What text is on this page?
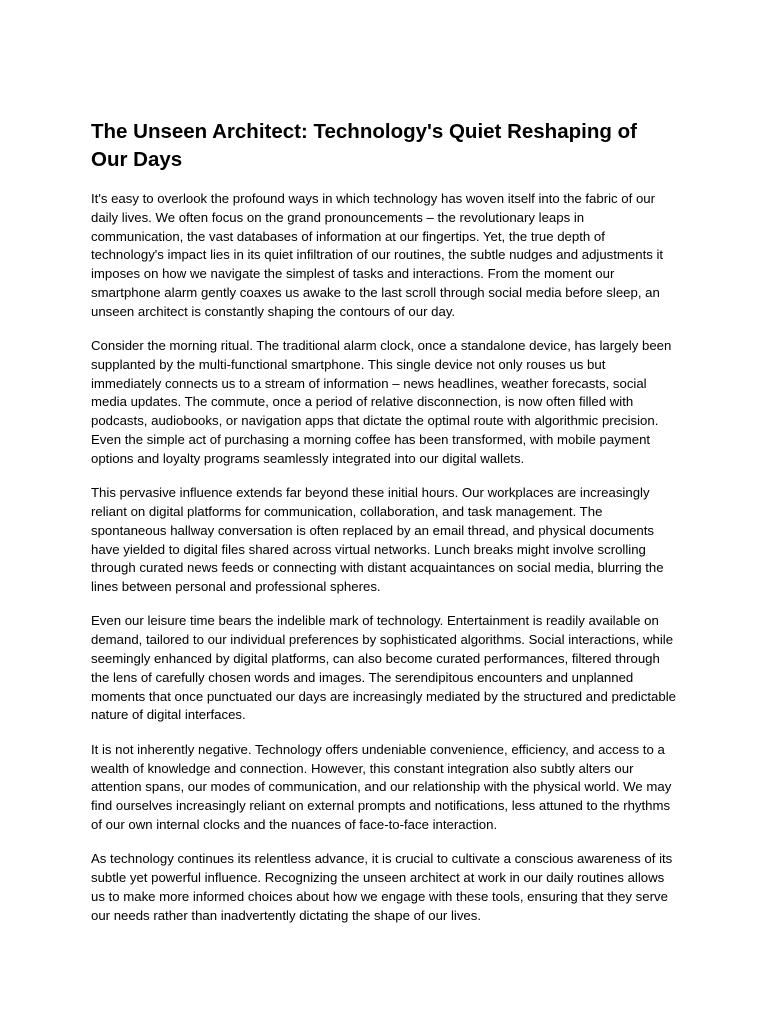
The Unseen Architect: Technology's Quiet Reshaping of Our Days

It's easy to overlook the profound ways in which technology has woven itself into the fabric of our daily lives. We often focus on the grand pronouncements – the revolutionary leaps in communication, the vast databases of information at our fingertips. Yet, the true depth of technology's impact lies in its quiet infiltration of our routines, the subtle nudges and adjustments it imposes on how we navigate the simplest of tasks and interactions. From the moment our smartphone alarm gently coaxes us awake to the last scroll through social media before sleep, an unseen architect is constantly shaping the contours of our day.

Consider the morning ritual. The traditional alarm clock, once a standalone device, has largely been supplanted by the multi-functional smartphone. This single device not only rouses us but immediately connects us to a stream of information – news headlines, weather forecasts, social media updates. The commute, once a period of relative disconnection, is now often filled with podcasts, audiobooks, or navigation apps that dictate the optimal route with algorithmic precision. Even the simple act of purchasing a morning coffee has been transformed, with mobile payment options and loyalty programs seamlessly integrated into our digital wallets.

This pervasive influence extends far beyond these initial hours. Our workplaces are increasingly reliant on digital platforms for communication, collaboration, and task management. The spontaneous hallway conversation is often replaced by an email thread, and physical documents have yielded to digital files shared across virtual networks. Lunch breaks might involve scrolling through curated news feeds or connecting with distant acquaintances on social media, blurring the lines between personal and professional spheres.

Even our leisure time bears the indelible mark of technology. Entertainment is readily available on demand, tailored to our individual preferences by sophisticated algorithms. Social interactions, while seemingly enhanced by digital platforms, can also become curated performances, filtered through the lens of carefully chosen words and images. The serendipitous encounters and unplanned moments that once punctuated our days are increasingly mediated by the structured and predictable nature of digital interfaces.

It is not inherently negative. Technology offers undeniable convenience, efficiency, and access to a wealth of knowledge and connection. However, this constant integration also subtly alters our attention spans, our modes of communication, and our relationship with the physical world. We may find ourselves increasingly reliant on external prompts and notifications, less attuned to the rhythms of our own internal clocks and the nuances of face-to-face interaction.

As technology continues its relentless advance, it is crucial to cultivate a conscious awareness of its subtle yet powerful influence. Recognizing the unseen architect at work in our daily routines allows us to make more informed choices about how we engage with these tools, ensuring that they serve our needs rather than inadvertently dictating the shape of our lives.
